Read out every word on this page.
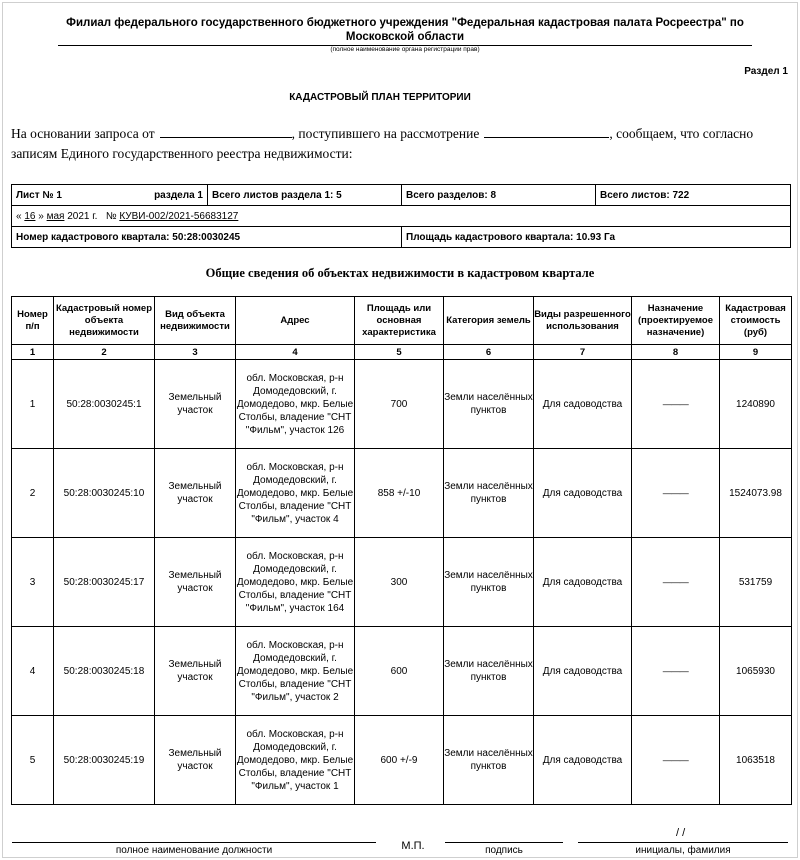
Филиал федерального государственного бюджетного учреждения "Федеральная кадастровая палата Росреестра" по Московской области
(полное наименование органа регистрации прав)
Раздел 1
КАДАСТРОВЫЙ ПЛАН ТЕРРИТОРИИ
На основании запроса от	, поступившего на рассмотрение	, сообщаем, что согласно
записям Единого государственного реестра недвижимости:
Лист № 1 раздела 1	Всего листов раздела 1: 5	Всего разделов: 8	Всего листов: 722
« 16 » мая 2021 г. № КУВИ-002/2021-56683127			
Номер кадастрового квартала: 50:28:0030245		Площадь кадастрового квартала: 10.93 Га	
Общие сведения об объектах недвижимости в кадастровом квартале
Номер п/п	Кадастровый номер объекта недвижимости	Вид объекта недвижимости	Адрес	Площадь или основная характеристика	Категория земель	Виды разрешенного использования	Назначение (проектируемое назначение)	Кадастровая стоимость (руб)
1	2	3	4	5	6	7	8	9
1	50:28:0030245:1	Земельный участок	обл. Московская, р-н Домодедовский, г. Домодедово, мкр. Белые Столбы, владение "СНТ "Фильм", участок 126	700	Земли населённых пунктов	Для садоводства	———	1240890
2	50:28:0030245:10	Земельный участок	обл. Московская, р-н Домодедовский, г. Домодедово, мкр. Белые Столбы, владение "СНТ "Фильм", участок 4	858 +/-10	Земли населённых пунктов	Для садоводства	———	1524073.98
3	50:28:0030245:17	Земельный участок	обл. Московская, р-н Домодедовский, г. Домодедово, мкр. Белые Столбы, владение "СНТ "Фильм", участок 164	300	Земли населённых пунктов	Для садоводства	———	531759
4	50:28:0030245:18	Земельный участок	обл. Московская, р-н Домодедовский, г. Домодедово, мкр. Белые Столбы, владение "СНТ "Фильм", участок 2	600	Земли населённых пунктов	Для садоводства	———	1065930
5	50:28:0030245:19	Земельный участок	обл. Московская, р-н Домодедовский, г. Домодедово, мкр. Белые Столбы, владение "СНТ "Фильм", участок 1	600 +/-9	Земли населённых пунктов	Для садоводства	———	1063518
полное наименование должности	М.П.	подпись
/ /
инициалы, фамилия
